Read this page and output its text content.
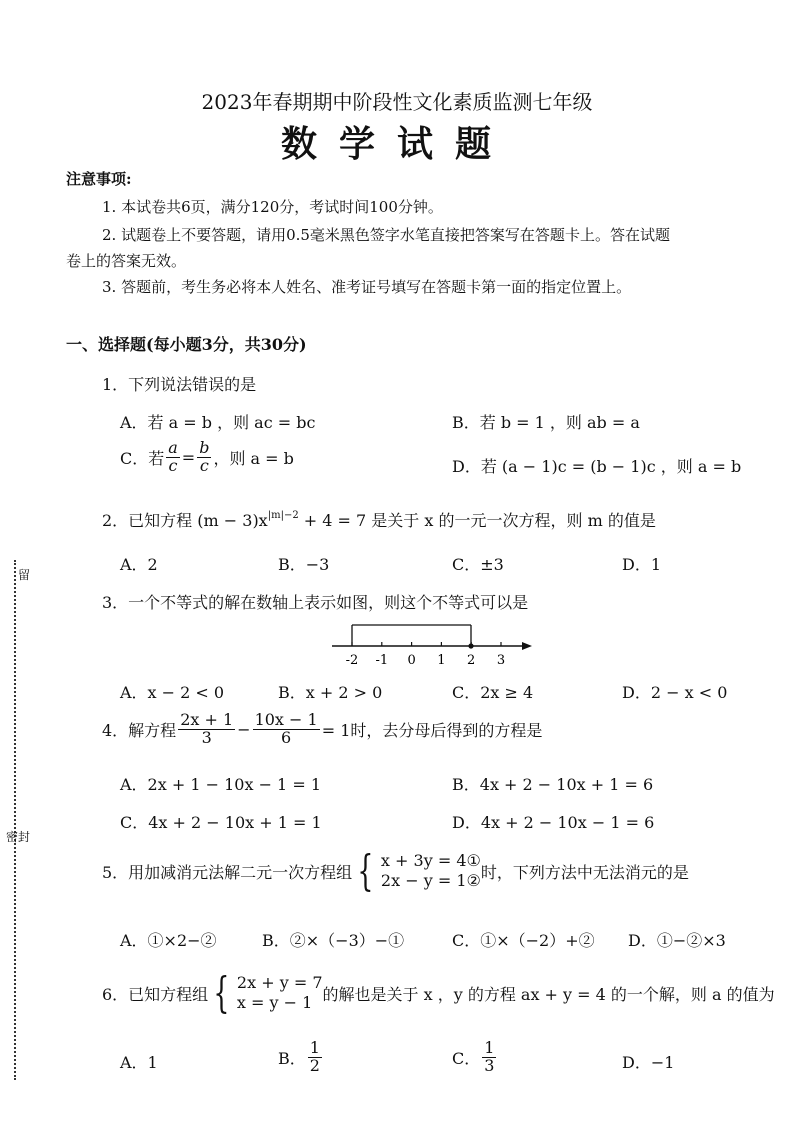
留
密封
2023年春期期中阶段性文化素质监测七年级
数学试题
注意事项:
1. 本试卷共6页，满分120分，考试时间100分钟。
2. 试题卷上不要答题，请用0.5毫米黑色签字水笔直接把答案写在答题卡上。答在试题
卷上的答案无效。
3. 答题前，考生务必将本人姓名、准考证号填写在答题卡第一面的指定位置上。
一、选择题(每小题3分，共30分)
1．下列说法错误的是
A．若 a = b ，则 ac = bc	B．若 b = 1 ，则 ab = a
C．若 $\frac{a}{c} = \frac{b}{c}$ ，则 a = b	D．若 (a − 1)c = (b − 1)c ，则 a = b
2．已知方程 $(m - 3)x^{|m|-2} + 4 = 7$ 是关于 x 的一元一次方程，则 m 的值是
A．2	B．−3	C．±3	D．1
3．一个不等式的解在数轴上表示如图，则这个不等式可以是
-2 -1 0 1 2 3
A．x − 2 < 0	B．x + 2 > 0	C．2x ≥ 4	D．2 − x < 0
4．解方程 $\frac{2x + 1}{3} - \frac{10x - 1}{6} = 1$时，去分母后得到的方程是
A．2x + 1 − 10x − 1 = 1	B．4x + 2 − 10x + 1 = 6
C．4x + 2 − 10x + 1 = 1	D．4x + 2 − 10x − 1 = 6
5．用加减消元法解二元一次方程组 { x + 3y = 4①
2x − y = 1② 时，下列方法中无法消元的是
A．①×2−②	B．②×（−3）−①	C．①×（−2）+② D．①−②×3
6．已知方程组 { 2x + y = 7
x = y − 1 的解也是关于 x ，y 的方程 ax + y = 4 的一个解，则 a 的值为
A．1	B． $\frac{1}{2}$	C． $\frac{1}{3}$	D．−1
